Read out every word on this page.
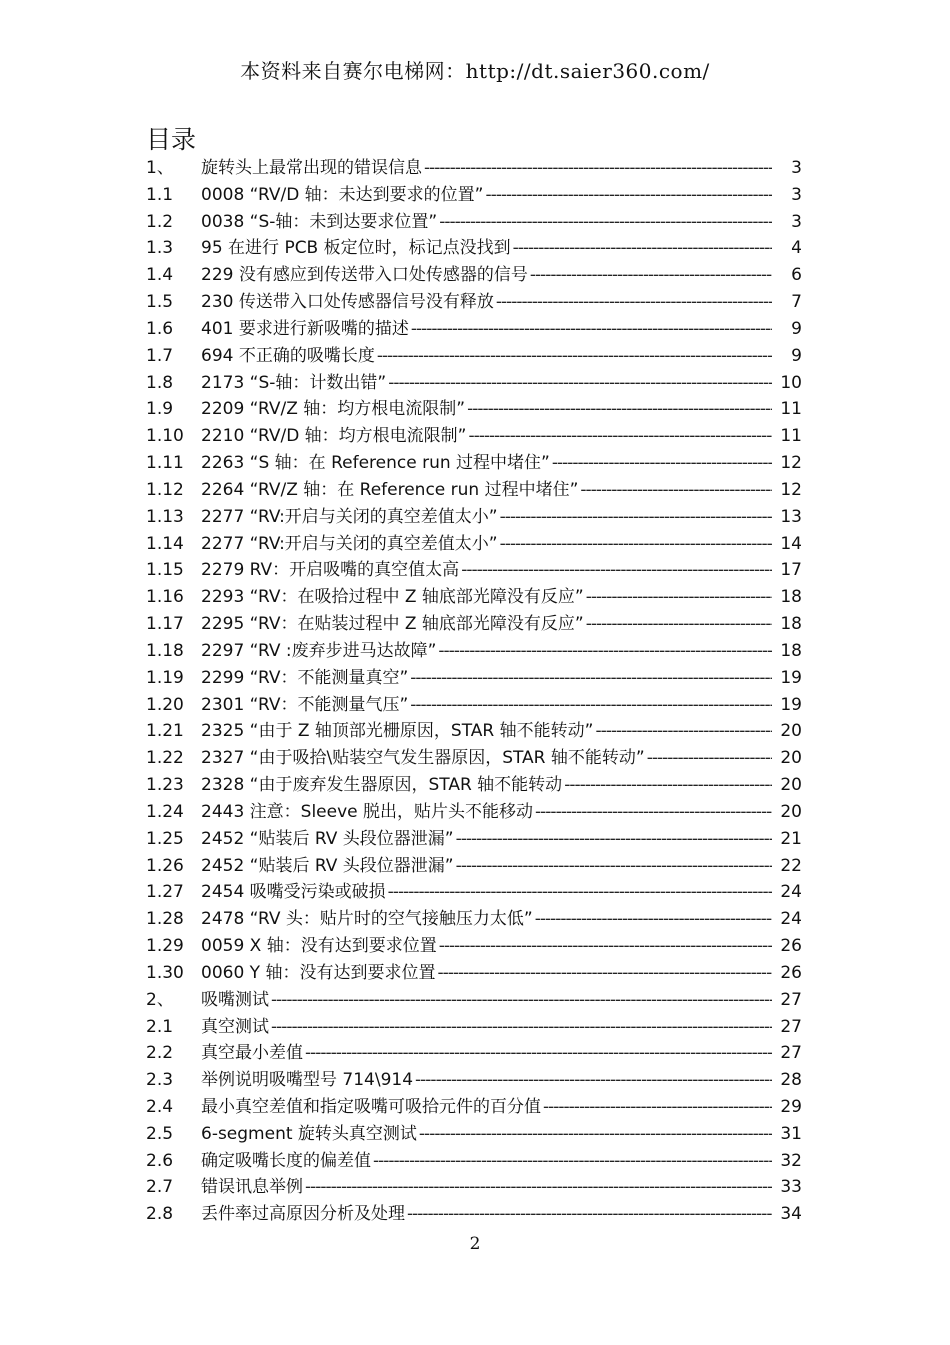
本资料来自赛尔电梯网：http://dt.saier360.com/
目录
1、	旋转头上最常出现的错误信息 -----	3
1.1	0008 “RV/D 轴：未达到要求的位置” -----	3
1.2	0038 “S-轴：未到达要求位置” -----	3
1.3	95 在进行 PCB 板定位时，标记点没找到 -----	4
1.4	229 没有感应到传送带入口处传感器的信号 -----	6
1.5	230 传送带入口处传感器信号没有释放 -----	7
1.6	401 要求进行新吸嘴的描述 -----	9
1.7	694 不正确的吸嘴长度 -----	9
1.8	2173 “S-轴：计数出错” -----	10
1.9	2209 “RV/Z 轴：均方根电流限制” -----	11
1.10	2210 “RV/D 轴：均方根电流限制” -----	11
1.11	2263 “S 轴：在 Reference run 过程中堵住” -----	12
1.12	2264 “RV/Z 轴：在 Reference run 过程中堵住” -----	12
1.13	2277 “RV:开启与关闭的真空差值太小” -----	13
1.14	2277 “RV:开启与关闭的真空差值太小” -----	14
1.15	2279 RV：开启吸嘴的真空值太高 -----	17
1.16	2293 “RV：在吸拾过程中 Z 轴底部光障没有反应” -----	18
1.17	2295 “RV：在贴装过程中 Z 轴底部光障没有反应” -----	18
1.18	2297 “RV :废弃步进马达故障” -----	18
1.19	2299 “RV：不能测量真空” -----	19
1.20	2301 “RV：不能测量气压” -----	19
1.21	2325 “由于 Z 轴顶部光栅原因，STAR 轴不能转动” -----	20
1.22	2327 “由于吸拾\贴装空气发生器原因，STAR 轴不能转动” -----	20
1.23	2328 “由于废弃发生器原因，STAR 轴不能转动 -----	20
1.24	2443 注意：Sleeve 脱出，贴片头不能移动 -----	20
1.25	2452 “贴装后 RV 头段位器泄漏” -----	21
1.26	2452 “贴装后 RV 头段位器泄漏” -----	22
1.27	2454 吸嘴受污染或破损 -----	24
1.28	2478 “RV 头：贴片时的空气接触压力太低” -----	24
1.29	0059 X 轴：没有达到要求位置 -----	26
1.30	0060 Y 轴：没有达到要求位置 -----	26
2、	吸嘴测试 -----	27
2.1	真空测试 -----	27
2.2	真空最小差值 -----	27
2.3	举例说明吸嘴型号 714\914 -----	28
2.4	最小真空差值和指定吸嘴可吸拾元件的百分值 -----	29
2.5	6-segment 旋转头真空测试 -----	31
2.6	确定吸嘴长度的偏差值 -----	32
2.7	错误讯息举例 -----	33
2.8	丢件率过高原因分析及处理 -----	34
2
